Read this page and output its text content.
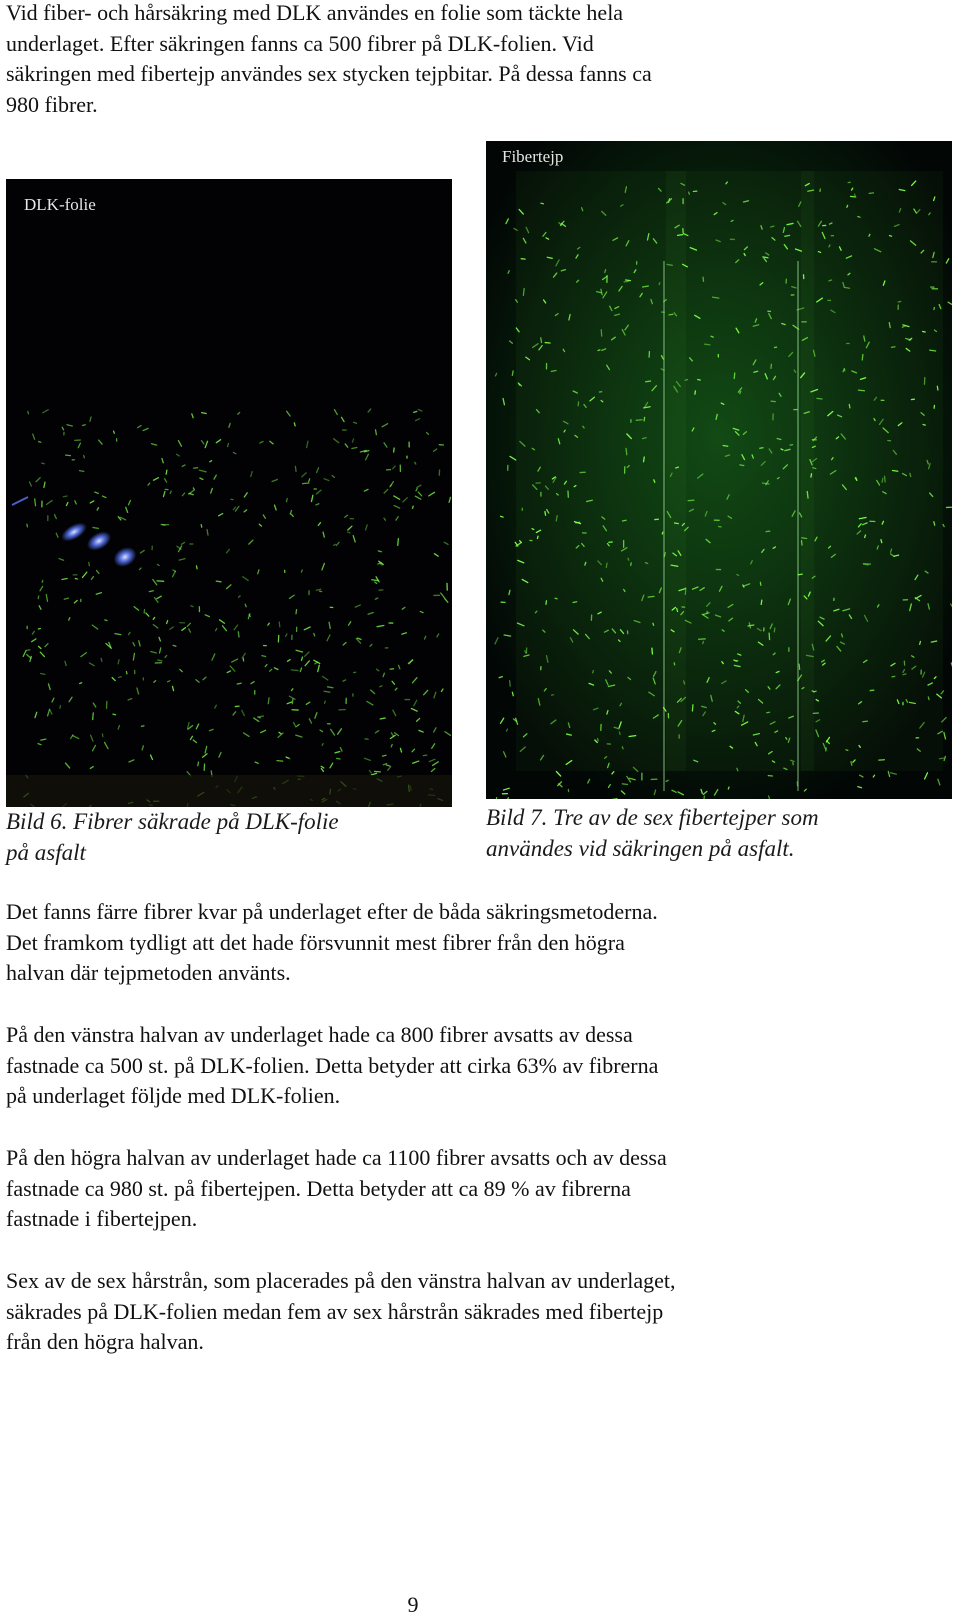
Vid fiber- och hårsäkring med DLK användes en folie som täckte hela
underlaget. Efter säkringen fanns ca 500 fibrer på DLK-folien. Vid
säkringen med fibertejp användes sex stycken tejpbitar. På dessa fanns ca
980 fibrer.

DLK-folie
Fibertejp

Bild 6. Fibrer säkrade på DLK-folie
på asfalt

Bild 7. Tre av de sex fibertejper som
användes vid säkringen på asfalt.

Det fanns färre fibrer kvar på underlaget efter de båda säkringsmetoderna.
Det framkom tydligt att det hade försvunnit mest fibrer från den högra
halvan där tejpmetoden använts.

På den vänstra halvan av underlaget hade ca 800 fibrer avsatts av dessa
fastnade ca 500 st. på DLK-folien. Detta betyder att cirka 63% av fibrerna
på underlaget följde med DLK-folien.

På den högra halvan av underlaget hade ca 1100 fibrer avsatts och av dessa
fastnade ca 980 st. på fibertejpen. Detta betyder att ca 89 % av fibrerna
fastnade i fibertejpen.

Sex av de sex hårstrån, som placerades på den vänstra halvan av underlaget,
säkrades på DLK-folien medan fem av sex hårstrån säkrades med fibertejp
från den högra halvan.

9
